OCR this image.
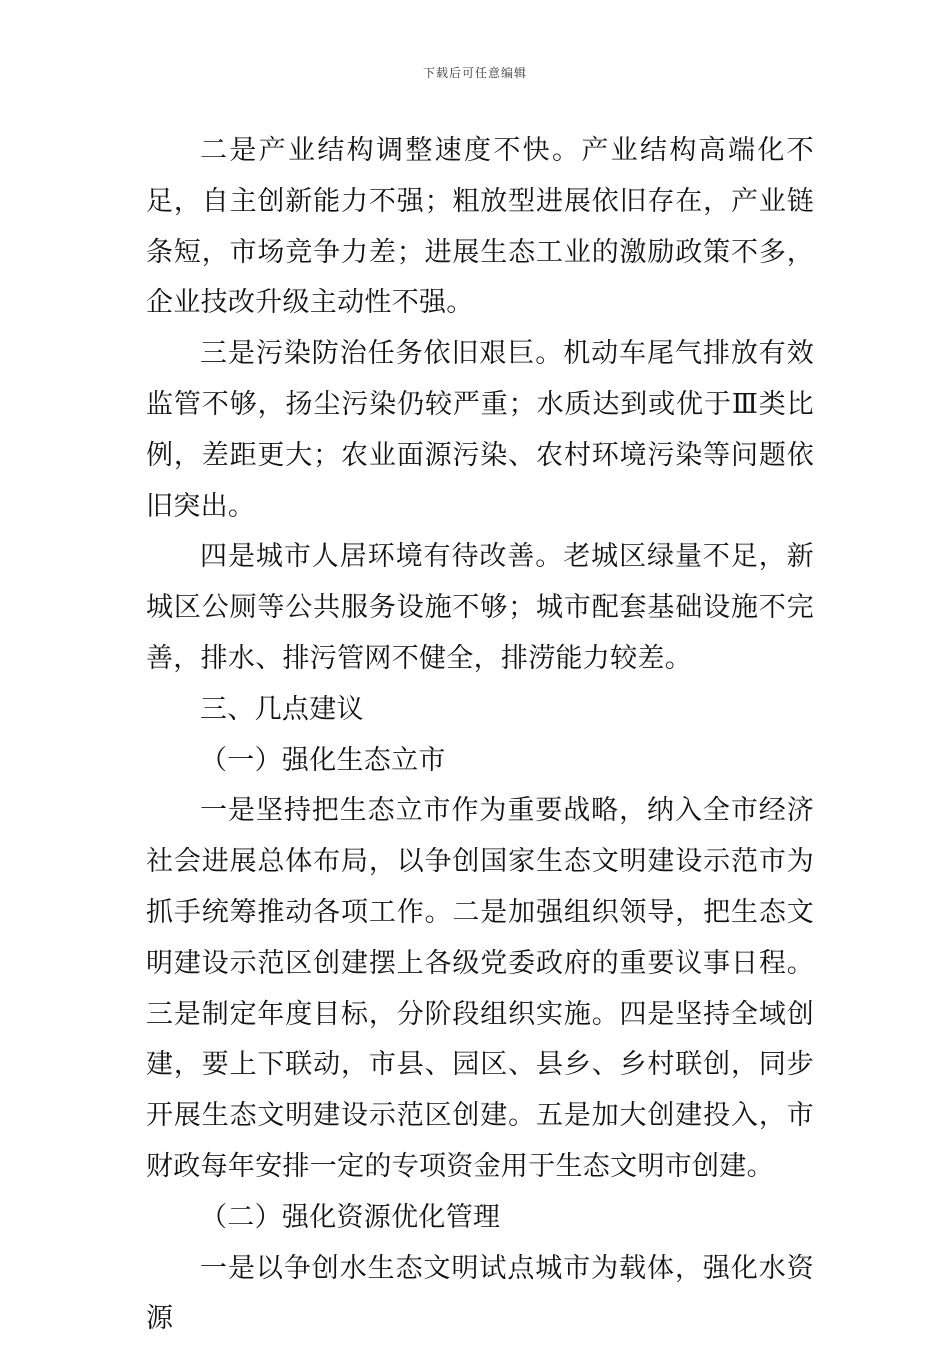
下载后可任意编辑

二是产业结构调整速度不快。产业结构高端化不足，自主创新能力不强；粗放型进展依旧存在，产业链条短，市场竞争力差；进展生态工业的激励政策不多，企业技改升级主动性不强。

三是污染防治任务依旧艰巨。机动车尾气排放有效监管不够，扬尘污染仍较严重；水质达到或优于Ⅲ类比例，差距更大；农业面源污染、农村环境污染等问题依旧突出。

四是城市人居环境有待改善。老城区绿量不足，新城区公厕等公共服务设施不够；城市配套基础设施不完善，排水、排污管网不健全，排涝能力较差。

三、几点建议

（一）强化生态立市

一是坚持把生态立市作为重要战略，纳入全市经济社会进展总体布局，以争创国家生态文明建设示范市为抓手统筹推动各项工作。二是加强组织领导，把生态文明建设示范区创建摆上各级党委政府的重要议事日程。三是制定年度目标，分阶段组织实施。四是坚持全域创建，要上下联动，市县、园区、县乡、乡村联创，同步开展生态文明建设示范区创建。五是加大创建投入，市财政每年安排一定的专项资金用于生态文明市创建。

（二）强化资源优化管理

一是以争创水生态文明试点城市为载体，强化水资源
